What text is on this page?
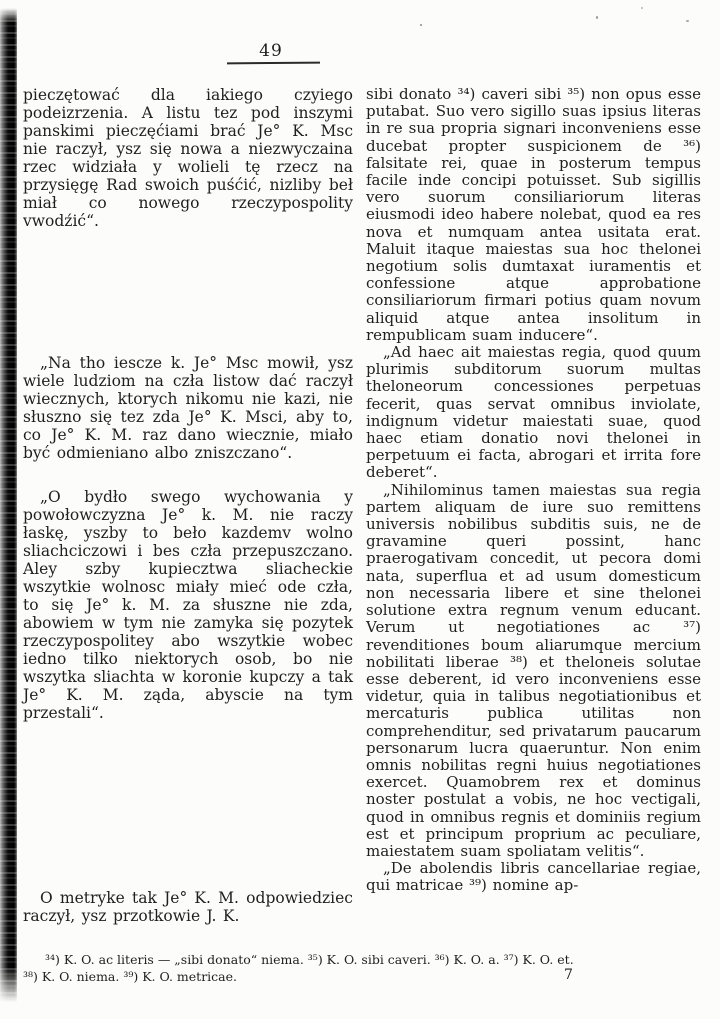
49

pieczętować dla iakiego czyiego podeizrzenia. A listu tez pod inszymi panskimi pieczęćiami brać Je° K. Msc nie raczył, ysz się nowa a niezwyczaina rzec widziała y wolieli tę rzecz na przysięgę Rad swoich puśćić, nizliby beł miał co nowego rzeczypospolity vwodźić“.

„Na tho iescze k. Je° Msc mowił, ysz wiele ludziom na czła listow dać raczył wiecznych, ktorych nikomu nie kazi, nie słuszno się tez zda Je° K. Msci, aby to, co Je° K. M. raz dano wiecznie, miało być odmieniano albo zniszczano“.

„O bydło swego wychowania y powołowczyzna Je° k. M. nie raczy łaskę, yszby to beło kazdemv wolno sliachciczowi i bes czła przepuszczano. Aley szby kupiecztwa sliacheckie wszytkie wolnosc miały mieć ode czła, to się Je° k. M. za słuszne nie zda, abowiem w tym nie zamyka się pozytek rzeczypospolitey abo wszytkie wobec iedno tilko niektorych osob, bo nie wszytka sliachta w koronie kupczy a tak Je° K. M. ząda, abyscie na tym przestali“.

O metryke tak Je° K. M. odpowiedziec raczył, ysz przotkowie J. K.

sibi donato ³⁴) caveri sibi ³⁵) non opus esse putabat. Suo vero sigillo suas ipsius literas in re sua propria signari inconveniens esse ducebat propter suspicionem de ³⁶) falsitate rei, quae in posterum tempus facile inde concipi potuisset. Sub sigillis vero suorum consiliariorum literas eiusmodi ideo habere nolebat, quod ea res nova et numquam antea usitata erat. Maluit itaque maiestas sua hoc thelonei negotium solis dumtaxat iuramentis et confessione atque approbatione consiliariorum firmari potius quam novum aliquid atque antea insolitum in rempublicam suam inducere“.

„Ad haec ait maiestas regia, quod quum plurimis subditorum suorum multas theloneorum concessiones perpetuas fecerit, quas servat omnibus inviolate, indignum videtur maiestati suae, quod haec etiam donatio novi thelonei in perpetuum ei facta, abrogari et irrita fore deberet“.

„Nihilominus tamen maiestas sua regia partem aliquam de iure suo remittens universis nobilibus subditis suis, ne de gravamine queri possint, hanc praerogativam concedit, ut pecora domi nata, superflua et ad usum domesticum non necessaria libere et sine thelonei solutione extra regnum venum educant. Verum ut negotiationes ac ³⁷) revenditiones boum aliarumque mercium nobilitati liberae ³⁸) et theloneis solutae esse deberent, id vero inconveniens esse videtur, quia in talibus negotiationibus et mercaturis publica utilitas non comprehenditur, sed privatarum paucarum personarum lucra quaeruntur. Non enim omnis nobilitas regni huius negotiationes exercet. Quamobrem rex et dominus noster postulat a vobis, ne hoc vectigali, quod in omnibus regnis et dominiis regium est et principum proprium ac peculiare, maiestatem suam spoliatam velitis“.

„De abolendis libris cancellariae regiae, qui matricae ³⁹) nomine ap-

³⁴) K. O. ac literis — „sibi donato“ niema. ³⁵) K. O. sibi caveri. ³⁶) K. O. a. ³⁷) K. O. et.

³⁸) K. O. niema. ³⁹) K. O. metricae.	7
